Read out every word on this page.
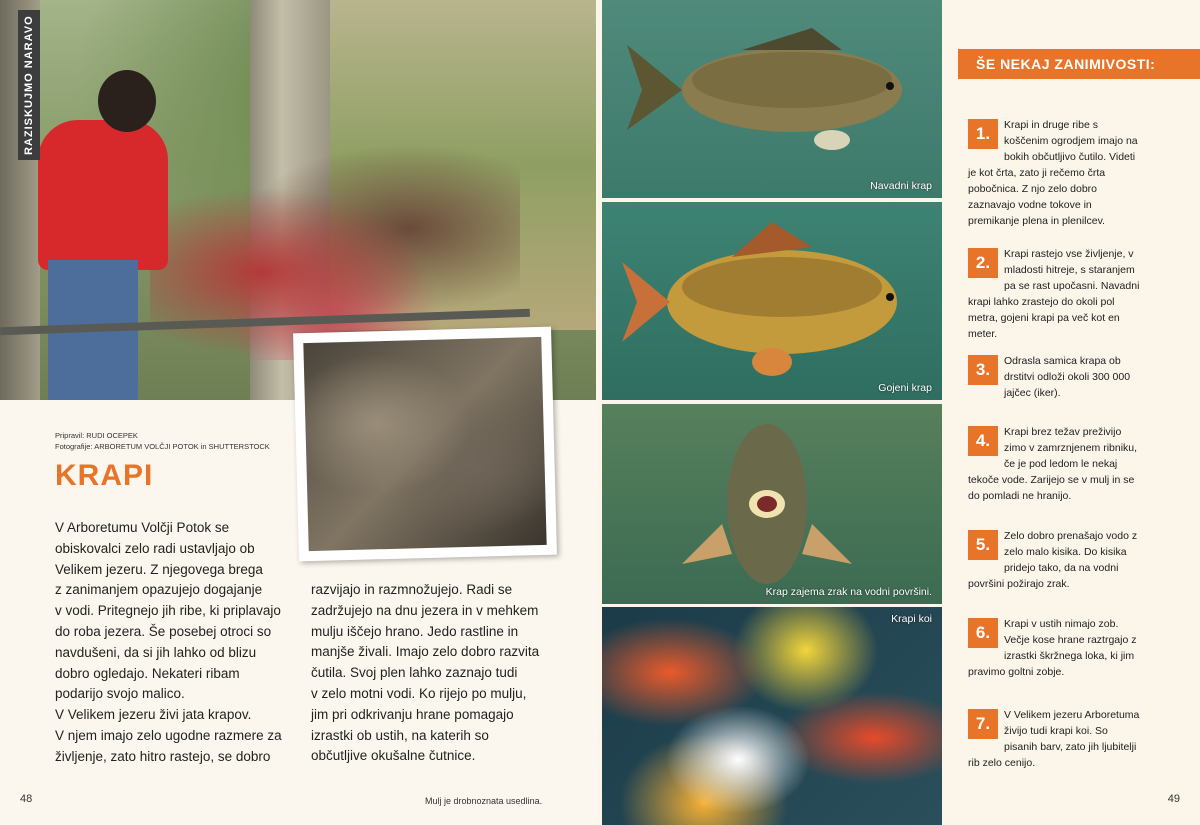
RAZISKUJMO NARAVO
Navadni krap
Gojeni krap
Krap zajema zrak na vodni površini.
Krapi koi
Pripravil: RUDI OCEPEK
Fotografije: ARBORETUM VOLČJI POTOK in SHUTTERSTOCK
KRAPI

V Arboretumu Volčji Potok se

obiskovalci zelo radi ustavljajo ob

Velikem jezeru. Z njegovega brega

z zanimanjem opazujejo dogajanje

v vodi. Pritegnejo jih ribe, ki priplavajo

do roba jezera. Še posebej otroci so

navdušeni, da si jih lahko od blizu

dobro ogledajo. Nekateri ribam

podarijo svojo malico.

V Velikem jezeru živi jata krapov.

V njem imajo zelo ugodne razmere za

življenje, zato hitro rastejo, se dobro

razvijajo in razmnožujejo. Radi se

zadržujejo na dnu jezera in v mehkem

mulju iščejo hrano. Jedo rastline in

manjše živali. Imajo zelo dobro razvita

čutila. Svoj plen lahko zaznajo tudi

v zelo motni vodi. Ko rijejo po mulju,

jim pri odkrivanju hrane pomagajo

izrastki ob ustih, na katerih so

občutljive okušalne čutnice.

48	Mulj je drobnoznata usedlina.
ŠE NEKAJ ZANIMIVOSTI:
1.	Krapi in druge ribe s koščenim ogrodjem imajo na bokih občutljivo čutilo. Videti je kot črta, zato ji rečemo črta pobočnica. Z njo zelo dobro zaznavajo vodne tokove in premikanje plena in plenilcev.
2.	Krapi rastejo vse življenje, v mladosti hitreje, s staranjem pa se rast upočasni. Navadni krapi lahko zrastejo do okoli pol metra, gojeni krapi pa več kot en meter.
3.	Odrasla samica krapa ob drstitvi odloži okoli 300 000 jajčec (iker).
4.	Krapi brez težav preživijo zimo v zamrznjenem ribniku, če je pod ledom le nekaj tekoče vode. Zarijejo se v mulj in se do pomladi ne hranijo.
5.	Zelo dobro prenašajo vodo z zelo malo kisika. Do kisika pridejo tako, da na vodni površini požirajo zrak.
6.	Krapi v ustih nimajo zob. Večje kose hrane raztrgajo z izrastki škržnega loka, ki jim pravimo goltni zobje.
7.	V Velikem jezeru Arboretuma živijo tudi krapi koi. So pisanih barv, zato jih ljubitelji rib zelo cenijo.
49
